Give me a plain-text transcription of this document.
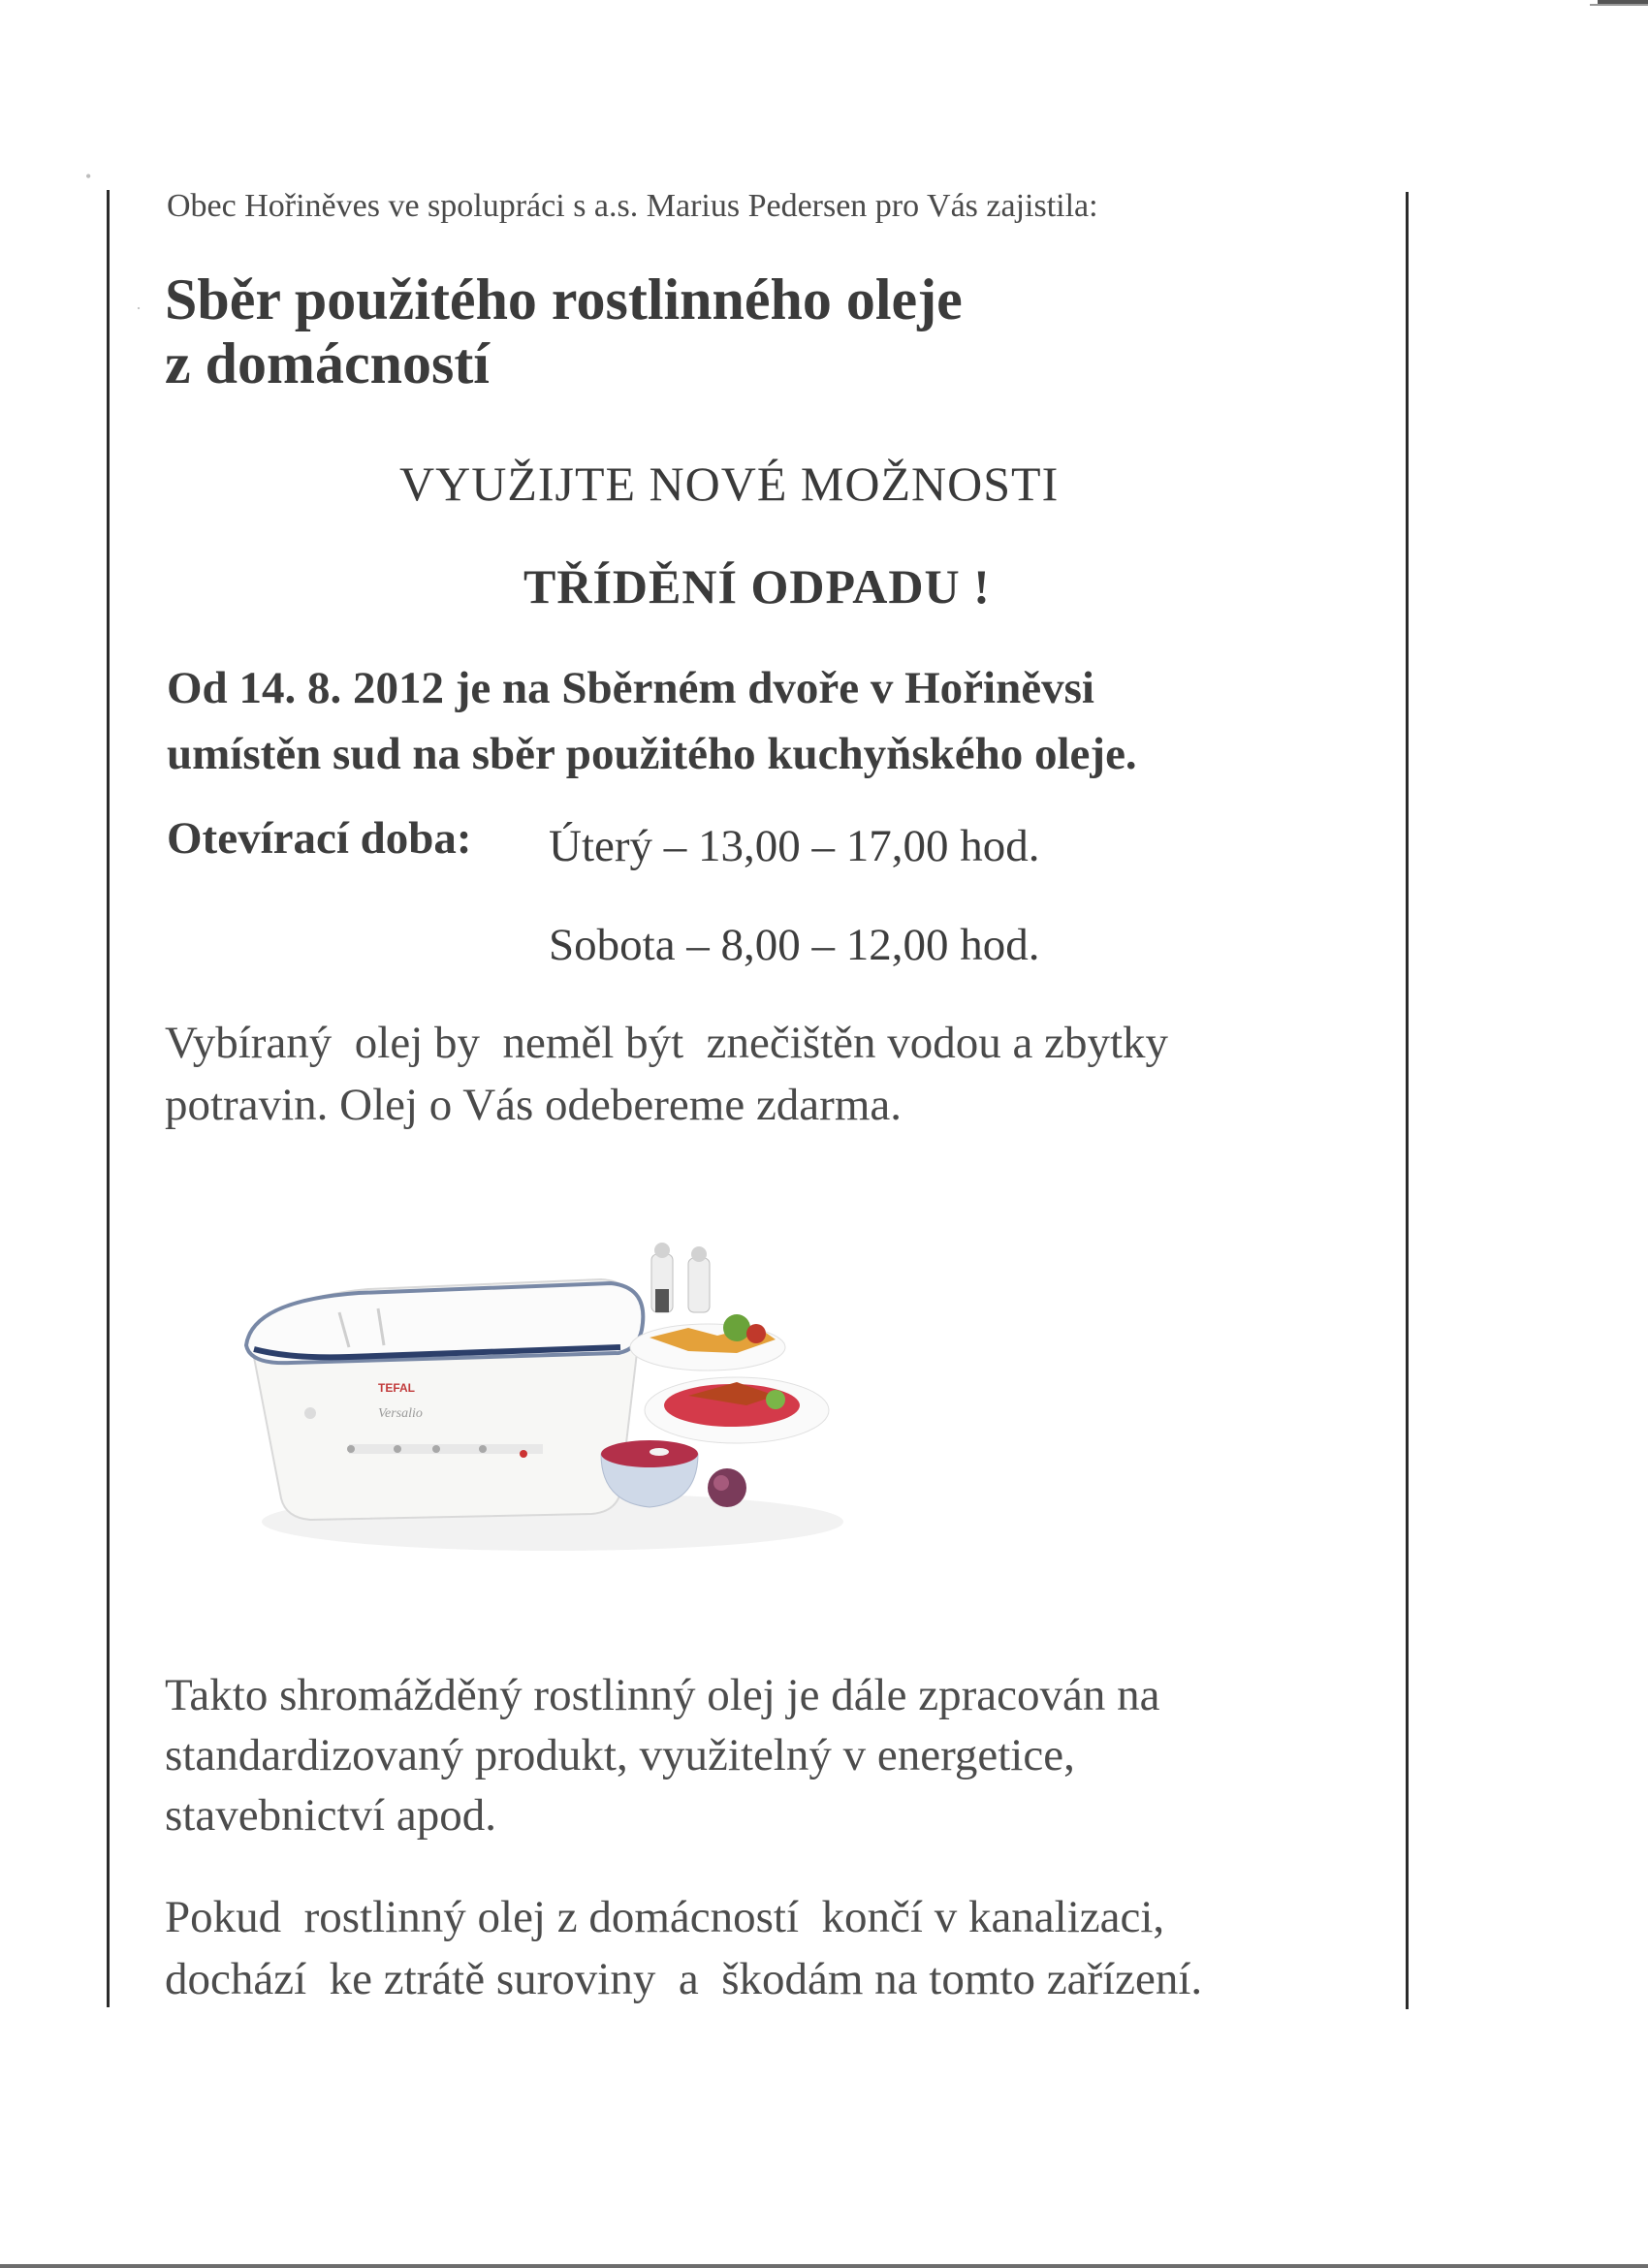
•
·
Obec Hořiněves ve spolupráci s a.s. Marius Pedersen pro Vás zajistila:
Sběr použitého rostlinného oleje
z domácností
VYUŽIJTE NOVÉ MOŽNOSTI
TŘÍDĚNÍ ODPADU !
Od 14. 8. 2012 je na Sběrném dvoře v Hořiněvsi
umístěn sud na sběr použitého kuchyňského oleje.
Otevírací doba: Úterý – 13,00 – 17,00 hod.
Sobota – 8,00 – 12,00 hod.
Vybíraný  olej by  neměl být  znečištěn vodou a zbytky
potravin. Olej o Vás odebereme zdarma.
TEFAL
Versalio
Takto shromážděný rostlinný olej je dále zpracován na
standardizovaný produkt, využitelný v energetice,
stavebnictví apod.
Pokud  rostlinný olej z domácností  končí v kanalizaci,
dochází  ke ztrátě suroviny  a  škodám na tomto zařízení.
